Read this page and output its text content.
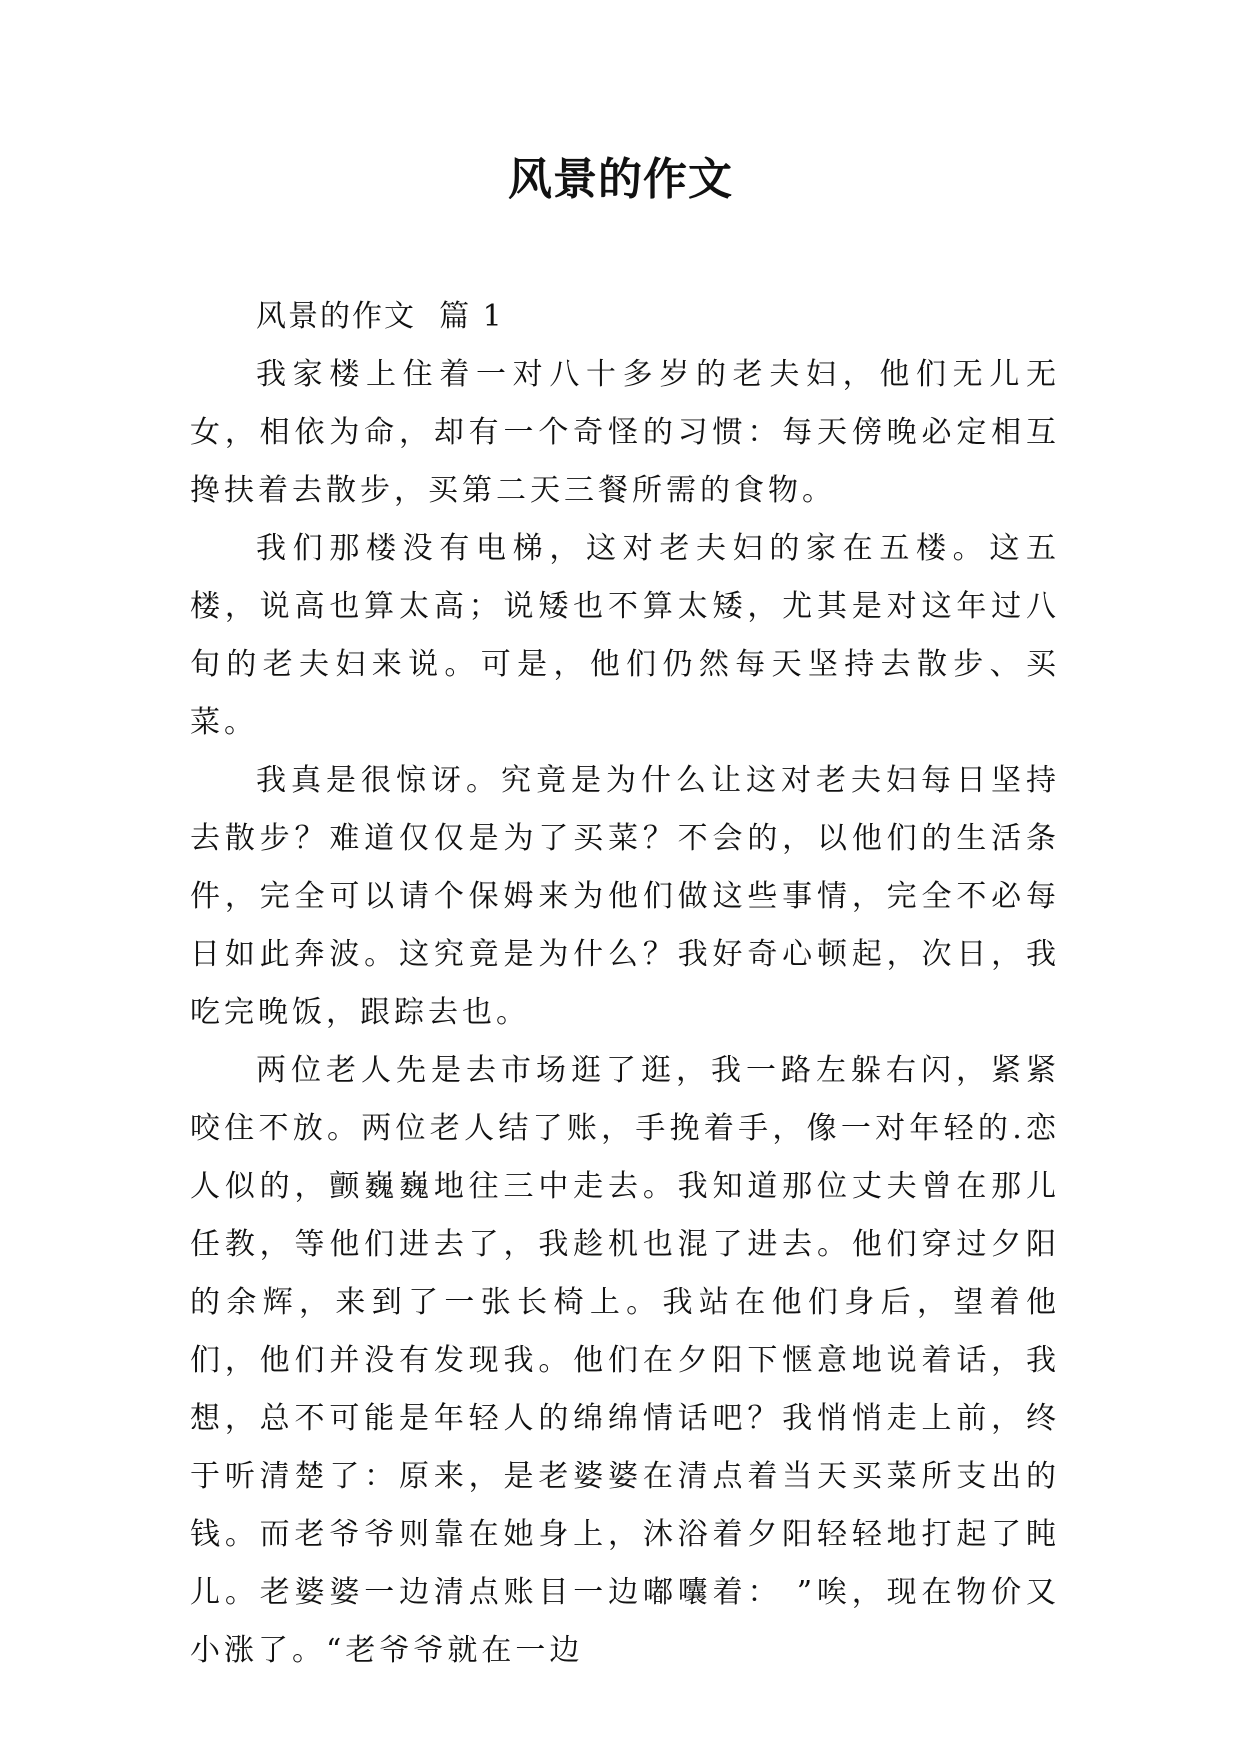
风景的作文

风景的作文  篇 1

我家楼上住着一对八十多岁的老夫妇，他们无儿无女，相依为命，却有一个奇怪的习惯：每天傍晚必定相互搀扶着去散步，买第二天三餐所需的食物。

我们那楼没有电梯，这对老夫妇的家在五楼。这五楼，说高也算太高；说矮也不算太矮，尤其是对这年过八旬的老夫妇来说。可是，他们仍然每天坚持去散步、买菜。

我真是很惊讶。究竟是为什么让这对老夫妇每日坚持去散步？难道仅仅是为了买菜？不会的，以他们的生活条件，完全可以请个保姆来为他们做这些事情，完全不必每日如此奔波。这究竟是为什么？我好奇心顿起，次日，我吃完晚饭，跟踪去也。

两位老人先是去市场逛了逛，我一路左躲右闪，紧紧咬住不放。两位老人结了账，手挽着手，像一对年轻的.恋人似的，颤巍巍地往三中走去。我知道那位丈夫曾在那儿任教，等他们进去了，我趁机也混了进去。他们穿过夕阳的余辉，来到了一张长椅上。我站在他们身后，望着他们，他们并没有发现我。他们在夕阳下惬意地说着话，我想，总不可能是年轻人的绵绵情话吧？我悄悄走上前，终于听清楚了：原来，是老婆婆在清点着当天买菜所支出的钱。而老爷爷则靠在她身上，沐浴着夕阳轻轻地打起了盹儿。老婆婆一边清点账目一边嘟囔着： ”唉，现在物价又小涨了。“老爷爷就在一边
